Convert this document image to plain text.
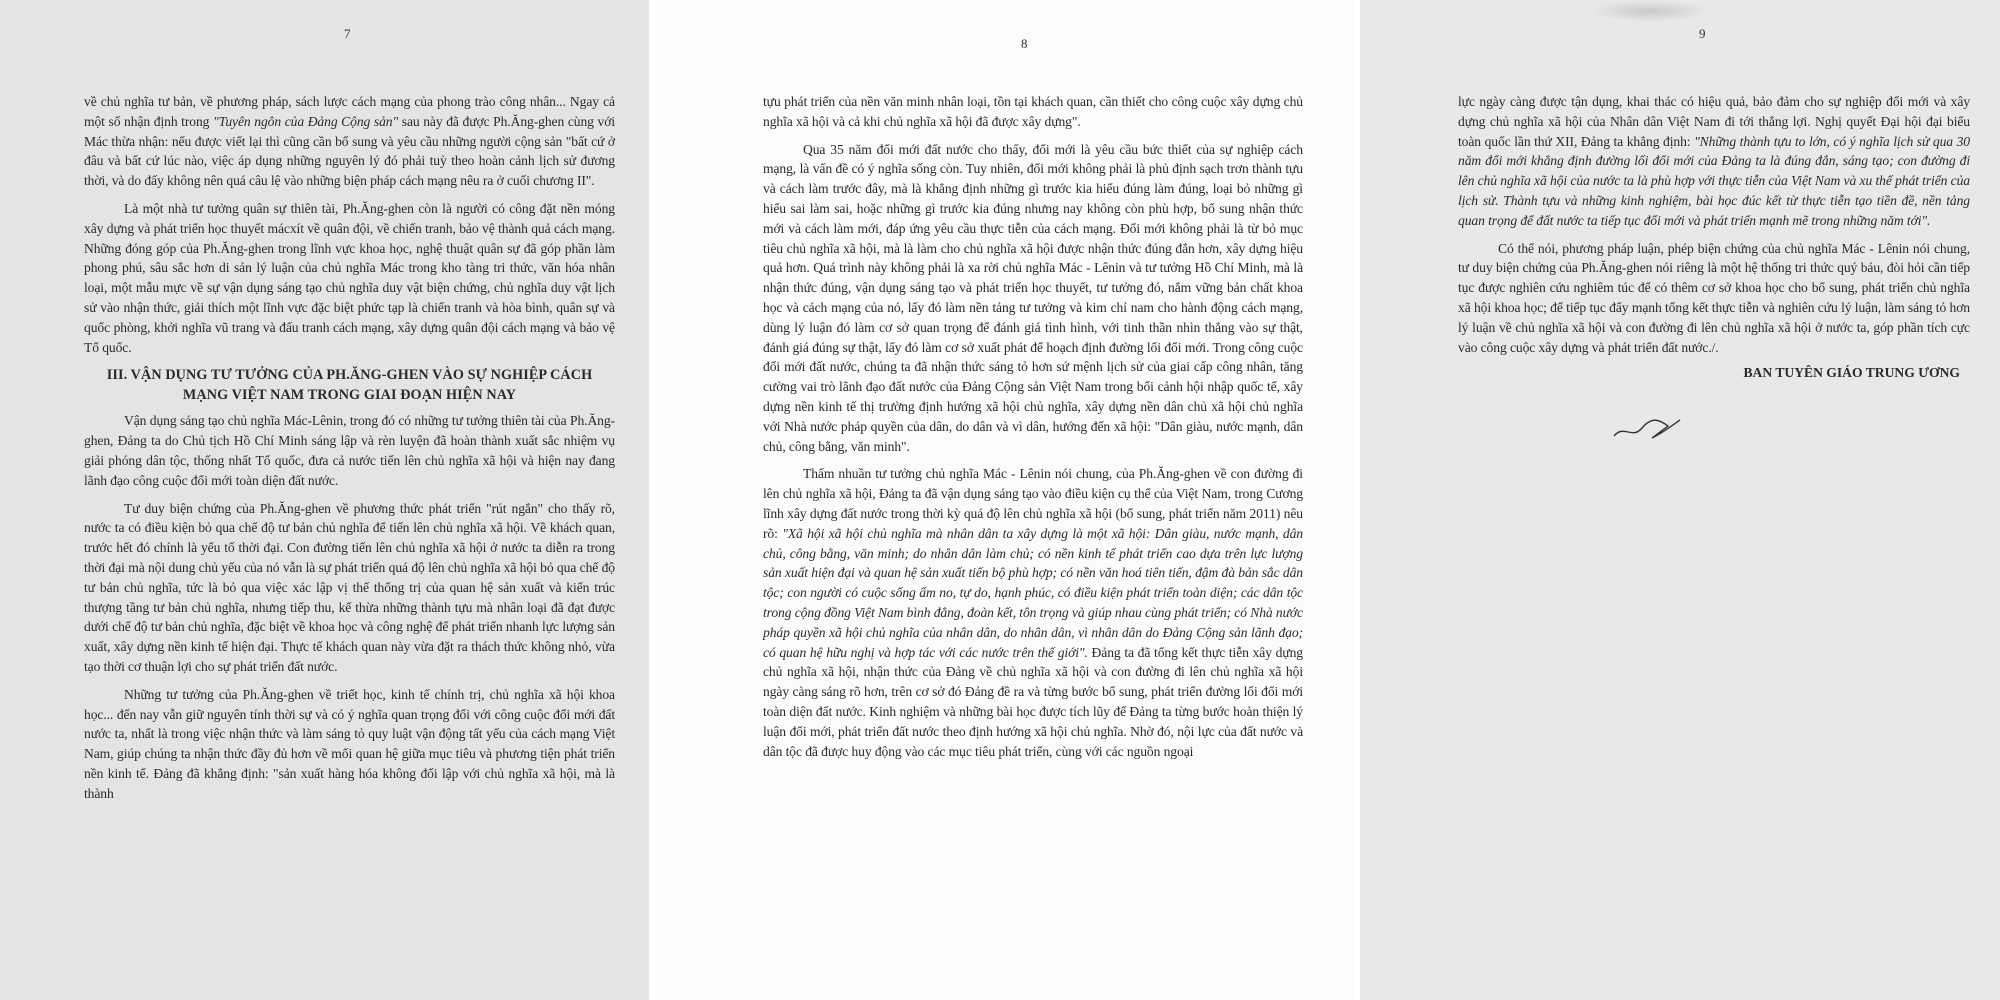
7

về chủ nghĩa tư bản, về phương pháp, sách lược cách mạng của phong trào công nhân... Ngay cả một số nhận định trong "Tuyên ngôn của Đảng Cộng sản" sau này đã được Ph.Ăng-ghen cùng với Mác thừa nhận: nếu được viết lại thì cũng cần bổ sung và yêu cầu những người cộng sản "bất cứ ở đâu và bất cứ lúc nào, việc áp dụng những nguyên lý đó phải tuỳ theo hoàn cảnh lịch sử đương thời, và do đấy không nên quá câu lệ vào những biện pháp cách mạng nêu ra ở cuối chương II".

Là một nhà tư tưởng quân sự thiên tài, Ph.Ăng-ghen còn là người có công đặt nền móng xây dựng và phát triển học thuyết mácxít về quân đội, về chiến tranh, bảo vệ thành quả cách mạng. Những đóng góp của Ph.Ăng-ghen trong lĩnh vực khoa học, nghệ thuật quân sự đã góp phần làm phong phú, sâu sắc hơn di sản lý luận của chủ nghĩa Mác trong kho tàng tri thức, văn hóa nhân loại, một mẫu mực về sự vận dụng sáng tạo chủ nghĩa duy vật biện chứng, chủ nghĩa duy vật lịch sử vào nhận thức, giải thích một lĩnh vực đặc biệt phức tạp là chiến tranh và hòa bình, quân sự và quốc phòng, khởi nghĩa vũ trang và đấu tranh cách mạng, xây dựng quân đội cách mạng và bảo vệ Tổ quốc.

III. VẬN DỤNG TƯ TƯỞNG CỦA PH.ĂNG-GHEN VÀO SỰ NGHIỆP CÁCH MẠNG VIỆT NAM TRONG GIAI ĐOẠN HIỆN NAY

Vận dụng sáng tạo chủ nghĩa Mác-Lênin, trong đó có những tư tưởng thiên tài của Ph.Ăng-ghen, Đảng ta do Chủ tịch Hồ Chí Minh sáng lập và rèn luyện đã hoàn thành xuất sắc nhiệm vụ giải phóng dân tộc, thống nhất Tổ quốc, đưa cả nước tiến lên chủ nghĩa xã hội và hiện nay đang lãnh đạo công cuộc đổi mới toàn diện đất nước.

Tư duy biện chứng của Ph.Ăng-ghen về phương thức phát triển "rút ngắn" cho thấy rõ, nước ta có điều kiện bỏ qua chế độ tư bản chủ nghĩa để tiến lên chủ nghĩa xã hội. Về khách quan, trước hết đó chính là yếu tố thời đại. Con đường tiến lên chủ nghĩa xã hội ở nước ta diễn ra trong thời đại mà nội dung chủ yếu của nó vẫn là sự phát triển quá độ lên chủ nghĩa xã hội bỏ qua chế độ tư bản chủ nghĩa, tức là bỏ qua việc xác lập vị thế thống trị của quan hệ sản xuất và kiến trúc thượng tầng tư bản chủ nghĩa, nhưng tiếp thu, kế thừa những thành tựu mà nhân loại đã đạt được dưới chế độ tư bản chủ nghĩa, đặc biệt về khoa học và công nghệ để phát triển nhanh lực lượng sản xuất, xây dựng nền kinh tế hiện đại. Thực tế khách quan này vừa đặt ra thách thức không nhỏ, vừa tạo thời cơ thuận lợi cho sự phát triển đất nước.

Những tư tưởng của Ph.Ăng-ghen về triết học, kinh tế chính trị, chủ nghĩa xã hội khoa học... đến nay vẫn giữ nguyên tính thời sự và có ý nghĩa quan trọng đối với công cuộc đổi mới đất nước ta, nhất là trong việc nhận thức và làm sáng tỏ quy luật vận động tất yếu của cách mạng Việt Nam, giúp chúng ta nhận thức đầy đủ hơn về mối quan hệ giữa mục tiêu và phương tiện phát triển nền kinh tế. Đảng đã khẳng định: "sản xuất hàng hóa không đối lập với chủ nghĩa xã hội, mà là thành

8

tựu phát triển của nền văn minh nhân loại, tồn tại khách quan, cần thiết cho công cuộc xây dựng chủ nghĩa xã hội và cả khi chủ nghĩa xã hội đã được xây dựng".

Qua 35 năm đổi mới đất nước cho thấy, đổi mới là yêu cầu bức thiết của sự nghiệp cách mạng, là vấn đề có ý nghĩa sống còn. Tuy nhiên, đổi mới không phải là phủ định sạch trơn thành tựu và cách làm trước đây, mà là khẳng định những gì trước kia hiểu đúng làm đúng, loại bỏ những gì hiểu sai làm sai, hoặc những gì trước kia đúng nhưng nay không còn phù hợp, bổ sung nhận thức mới và cách làm mới, đáp ứng yêu cầu thực tiễn của cách mạng. Đổi mới không phải là từ bỏ mục tiêu chủ nghĩa xã hội, mà là làm cho chủ nghĩa xã hội được nhận thức đúng đắn hơn, xây dựng hiệu quả hơn. Quá trình này không phải là xa rời chủ nghĩa Mác - Lênin và tư tưởng Hồ Chí Minh, mà là nhận thức đúng, vận dụng sáng tạo và phát triển học thuyết, tư tưởng đó, nắm vững bản chất khoa học và cách mạng của nó, lấy đó làm nền tảng tư tưởng và kim chỉ nam cho hành động cách mạng, dùng lý luận đó làm cơ sở quan trọng để đánh giá tình hình, với tinh thần nhìn thẳng vào sự thật, đánh giá đúng sự thật, lấy đó làm cơ sở xuất phát để hoạch định đường lối đổi mới. Trong công cuộc đổi mới đất nước, chúng ta đã nhận thức sáng tỏ hơn sứ mệnh lịch sử của giai cấp công nhân, tăng cường vai trò lãnh đạo đất nước của Đảng Cộng sản Việt Nam trong bối cảnh hội nhập quốc tế, xây dựng nền kinh tế thị trường định hướng xã hội chủ nghĩa, xây dựng nền dân chủ xã hội chủ nghĩa với Nhà nước pháp quyền của dân, do dân và vì dân, hướng đến xã hội: "Dân giàu, nước mạnh, dân chủ, công bằng, văn minh".

Thấm nhuần tư tưởng chủ nghĩa Mác - Lênin nói chung, của Ph.Ăng-ghen về con đường đi lên chủ nghĩa xã hội, Đảng ta đã vận dụng sáng tạo vào điều kiện cụ thể của Việt Nam, trong Cương lĩnh xây dựng đất nước trong thời kỳ quá độ lên chủ nghĩa xã hội (bổ sung, phát triển năm 2011) nêu rõ: "Xã hội xã hội chủ nghĩa mà nhân dân ta xây dựng là một xã hội: Dân giàu, nước mạnh, dân chủ, công bằng, văn minh; do nhân dân làm chủ; có nền kinh tế phát triển cao dựa trên lực lượng sản xuất hiện đại và quan hệ sản xuất tiến bộ phù hợp; có nền văn hoá tiên tiến, đậm đà bản sắc dân tộc; con người có cuộc sống ấm no, tự do, hạnh phúc, có điều kiện phát triển toàn diện; các dân tộc trong cộng đồng Việt Nam bình đẳng, đoàn kết, tôn trọng và giúp nhau cùng phát triển; có Nhà nước pháp quyền xã hội chủ nghĩa của nhân dân, do nhân dân, vì nhân dân do Đảng Cộng sản lãnh đạo; có quan hệ hữu nghị và hợp tác với các nước trên thế giới". Đảng ta đã tổng kết thực tiễn xây dựng chủ nghĩa xã hội, nhận thức của Đảng về chủ nghĩa xã hội và con đường đi lên chủ nghĩa xã hội ngày càng sáng rõ hơn, trên cơ sở đó Đảng đề ra và từng bước bổ sung, phát triển đường lối đổi mới toàn diện đất nước. Kinh nghiệm và những bài học được tích lũy để Đảng ta từng bước hoàn thiện lý luận đổi mới, phát triển đất nước theo định hướng xã hội chủ nghĩa. Nhờ đó, nội lực của đất nước và dân tộc đã được huy động vào các mục tiêu phát triển, cùng với các nguồn ngoại

9

lực ngày càng được tận dụng, khai thác có hiệu quả, bảo đảm cho sự nghiệp đổi mới và xây dựng chủ nghĩa xã hội của Nhân dân Việt Nam đi tới thắng lợi. Nghị quyết Đại hội đại biểu toàn quốc lần thứ XII, Đảng ta khẳng định: "Những thành tựu to lớn, có ý nghĩa lịch sử qua 30 năm đổi mới khẳng định đường lối đổi mới của Đảng ta là đúng đắn, sáng tạo; con đường đi lên chủ nghĩa xã hội của nước ta là phù hợp với thực tiễn của Việt Nam và xu thế phát triển của lịch sử. Thành tựu và những kinh nghiệm, bài học đúc kết từ thực tiễn tạo tiền đề, nền tảng quan trọng để đất nước ta tiếp tục đổi mới và phát triển mạnh mẽ trong những năm tới".

Có thể nói, phương pháp luận, phép biện chứng của chủ nghĩa Mác - Lênin nói chung, tư duy biện chứng của Ph.Ăng-ghen nói riêng là một hệ thống tri thức quý báu, đòi hỏi cần tiếp tục được nghiên cứu nghiêm túc để có thêm cơ sở khoa học cho bổ sung, phát triển chủ nghĩa xã hội khoa học; để tiếp tục đẩy mạnh tổng kết thực tiễn và nghiên cứu lý luận, làm sáng tỏ hơn lý luận về chủ nghĩa xã hội và con đường đi lên chủ nghĩa xã hội ở nước ta, góp phần tích cực vào công cuộc xây dựng và phát triển đất nước./.

BAN TUYÊN GIÁO TRUNG ƯƠNG
